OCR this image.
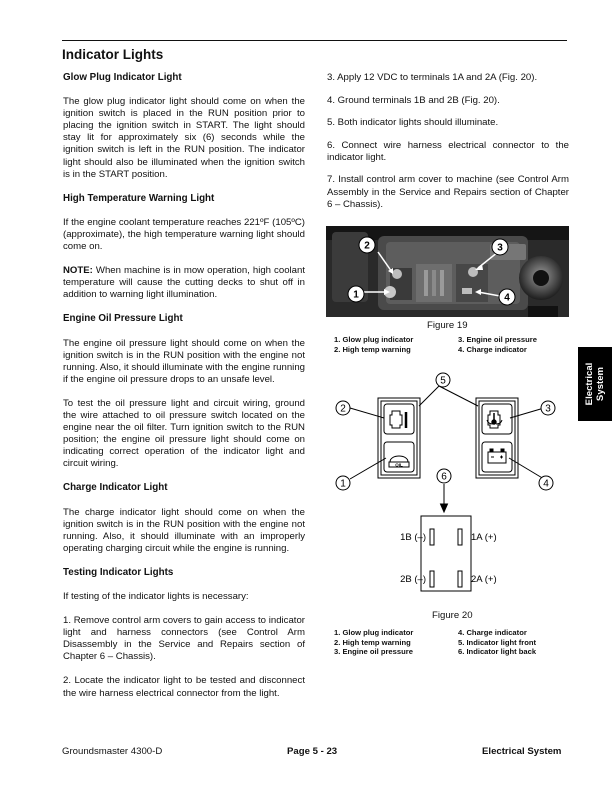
Indicator Lights
Glow Plug Indicator Light

The glow plug indicator light should come on when the ignition switch is placed in the RUN position prior to placing the ignition switch in START. The light should stay lit for approximately six (6) seconds while the ignition switch is left in the RUN position. The indicator light should also be illuminated when the ignition switch is in the START position.

High Temperature Warning Light

If the engine coolant temperature reaches 221ºF (105ºC) (approximate), the high temperature warning light should come on.

NOTE: When machine is in mow operation, high coolant temperature will cause the cutting decks to shut off in addition to warning light illumination.

Engine Oil Pressure Light

The engine oil pressure light should come on when the ignition switch is in the RUN position with the engine not running. Also, it should illuminate with the engine running if the engine oil pressure drops to an unsafe level.

To test the oil pressure light and circuit wiring, ground the wire attached to oil pressure switch located on the engine near the oil filter. Turn ignition switch to the RUN position; the engine oil pressure light should come on indicating correct operation of the indicator light and circuit wiring.

Charge Indicator Light

The charge indicator light should come on when the ignition switch is in the RUN position with the engine not running. Also, it should illuminate with an improperly operating charging circuit while the engine is running.

Testing Indicator Lights

If testing of the indicator lights is necessary:

1. Remove control arm covers to gain access to indicator light and harness connectors (see Control Arm Disassembly in the Service and Repairs section of Chapter 6 – Chassis).

2. Locate the indicator light to be tested and disconnect the wire harness electrical connector from the light.

3. Apply 12 VDC to terminals 1A and 2A (Fig. 20).

4. Ground terminals 1B and 2B (Fig. 20).

5. Both indicator lights should illuminate.

6. Connect wire harness electrical connector to the indicator light.

7. Install control arm cover to machine (see Control Arm Assembly in the Service and Repairs section of Chapter 6 – Chassis).

2
1
3
4
Figure 19
1. Glow plug indicator
2. High temp warning
3. Engine oil pressure
4. Charge indicator
OIL
5
2	3
1	4
6
1B (–)	1A (+)
2B (–)	2A (+)
Figure 20
1. Glow plug indicator
2. High temp warning
3. Engine oil pressure
4. Charge indicator
5. Indicator light front
6. Indicator light back
Electrical System
Groundsmaster 4300-D	Page 5 - 23	Electrical System
